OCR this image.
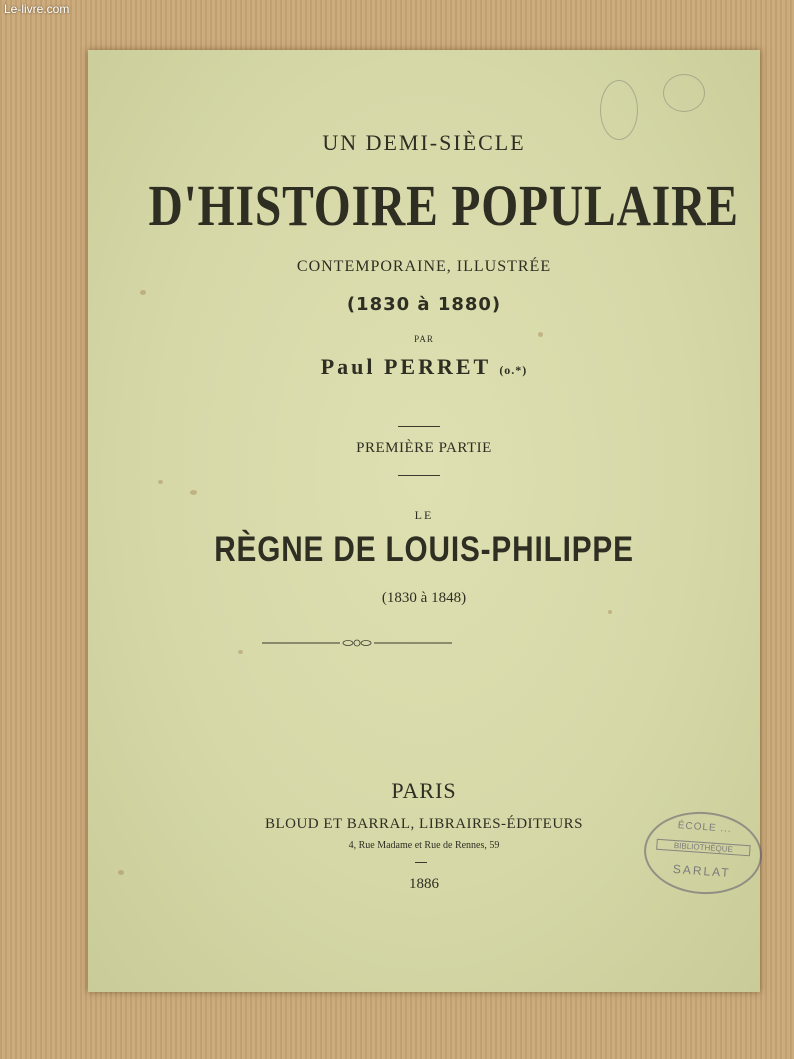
Le-livre.com
UN DEMI-SIÈCLE
D'HISTOIRE POPULAIRE
CONTEMPORAINE, ILLUSTRÉE
(1830 à 1880)
PAR
Paul PERRET (o.*)
PREMIÈRE PARTIE
LE
RÈGNE DE LOUIS-PHILIPPE
(1830 à 1848)
PARIS
BLOUD ET BARRAL, LIBRAIRES-ÉDITEURS
4, Rue Madame et Rue de Rennes, 59
1886
ÉCOLE ...
BIBLIOTHÈQUE
SARLAT
